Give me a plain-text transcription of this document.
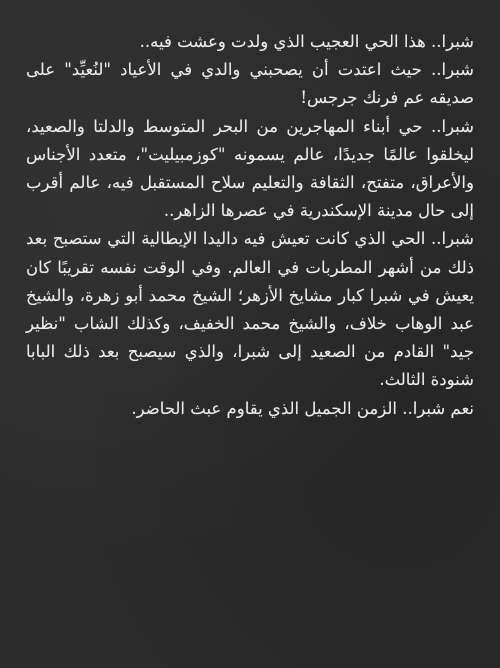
شبرا.. هذا الحي العجيب الذي ولدت وعشت فيه..

شبرا.. حيث اعتدت أن يصحبني والدي في الأعياد "لنُعيِّد" على صديقه عم فرنك جرجس!

شبرا.. حي أبناء المهاجرين من البحر المتوسط والدلتا والصعيد، ليخلقوا عالمًا جديدًا، عالم يسمونه "كوزمبيليت"، متعدد الأجناس والأعراق، متفتح، الثقافة والتعليم سلاح المستقبل فيه، عالم أقرب إلى حال مدينة الإسكندرية في عصرها الزاهر..

شبرا.. الحي الذي كانت تعيش فيه داليدا الإيطالية التي ستصبح بعد ذلك من أشهر المطربات في العالم. وفي الوقت نفسه تقريبًا كان يعيش في شبرا كبار مشايخ الأزهر؛ الشيخ محمد أبو زهرة، والشيخ عبد الوهاب خلاف، والشيخ محمد الخفيف، وكذلك الشاب "نظير جيد" القادم من الصعيد إلى شبرا، والذي سيصبح بعد ذلك البابا شنودة الثالث.

نعم شبرا.. الزمن الجميل الذي يقاوم عبث الحاضر.
